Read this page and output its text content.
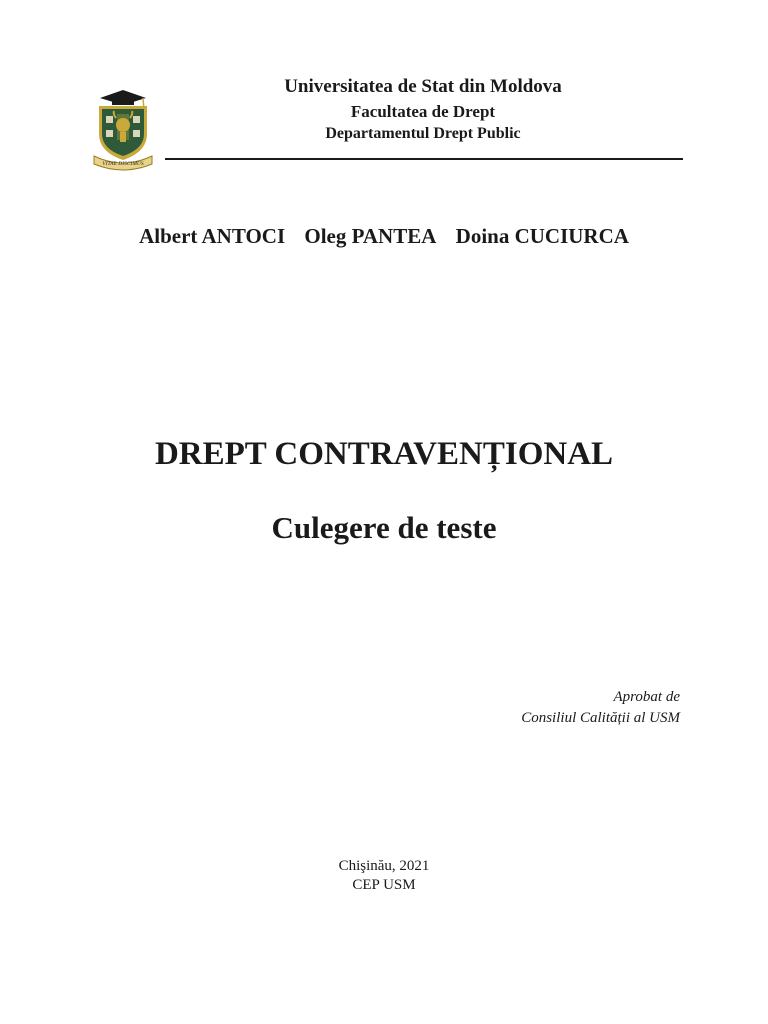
VITAE DISCIMUS
Universitatea de Stat din Moldova
Facultatea de Drept
Departamentul Drept Public
Albert ANTOCI Oleg PANTEA Doina CUCIURCA
DREPT CONTRAVENȚIONAL
Culegere de teste
Aprobat de
Consiliul Calității al USM
Chişinău, 2021
CEP USM
